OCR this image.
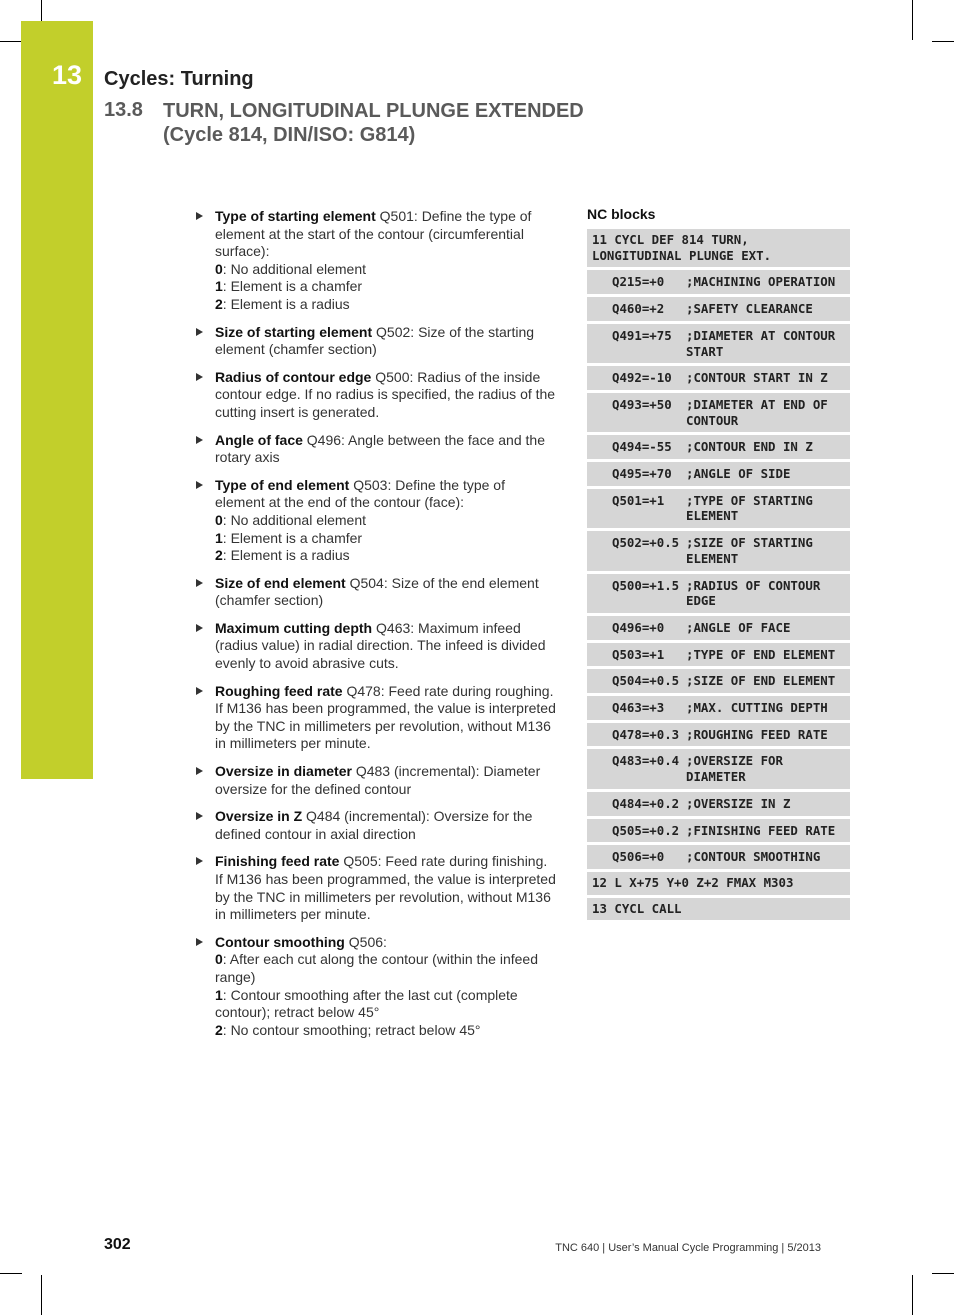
13 Cycles: Turning
13.8 TURN, LONGITUDINAL PLUNGE EXTENDED
(Cycle 814, DIN/ISO: G814)
Type of starting element Q501: Define the type of element at the start of the contour (circumferential surface):
0: No additional element
1: Element is a chamfer
2: Element is a radius
Size of starting element Q502: Size of the starting element (chamfer section)
Radius of contour edge Q500: Radius of the inside contour edge. If no radius is specified, the radius of the cutting insert is generated.
Angle of face Q496: Angle between the face and the rotary axis
Type of end element Q503: Define the type of element at the end of the contour (face):
0: No additional element
1: Element is a chamfer
2: Element is a radius
Size of end element Q504: Size of the end element (chamfer section)
Maximum cutting depth Q463: Maximum infeed (radius value) in radial direction. The infeed is divided evenly to avoid abrasive cuts.
Roughing feed rate Q478: Feed rate during roughing. If M136 has been programmed, the value is interpreted by the TNC in millimeters per revolution, without M136 in millimeters per minute.
Oversize in diameter Q483 (incremental): Diameter oversize for the defined contour
Oversize in Z Q484 (incremental): Oversize for the defined contour in axial direction
Finishing feed rate Q505: Feed rate during finishing. If M136 has been programmed, the value is interpreted by the TNC in millimeters per revolution, without M136 in millimeters per minute.
Contour smoothing Q506:
0: After each cut along the contour (within the infeed range)
1: Contour smoothing after the last cut (complete contour); retract below 45°
2: No contour smoothing; retract below 45°
NC blocks
11 CYCL DEF 814 TURN,
LONGITUDINAL PLUNGE EXT.
Q215=+0	;MACHINING OPERATION
Q460=+2	;SAFETY CLEARANCE
Q491=+75	;DIAMETER AT CONTOUR START
Q492=-10	;CONTOUR START IN Z
Q493=+50	;DIAMETER AT END OF CONTOUR
Q494=-55	;CONTOUR END IN Z
Q495=+70	;ANGLE OF SIDE
Q501=+1	;TYPE OF STARTING ELEMENT
Q502=+0.5 ;SIZE OF STARTING ELEMENT
Q500=+1.5 ;RADIUS OF CONTOUR EDGE
Q496=+0	;ANGLE OF FACE
Q503=+1	;TYPE OF END ELEMENT
Q504=+0.5 ;SIZE OF END ELEMENT
Q463=+3	;MAX. CUTTING DEPTH
Q478=+0.3 ;ROUGHING FEED RATE
Q483=+0.4 ;OVERSIZE FOR DIAMETER
Q484=+0.2 ;OVERSIZE IN Z
Q505=+0.2 ;FINISHING FEED RATE
Q506=+0	;CONTOUR SMOOTHING
12 L X+75 Y+0 Z+2 FMAX M303
13 CYCL CALL
302	TNC 640 | User’s Manual Cycle Programming | 5/2013
